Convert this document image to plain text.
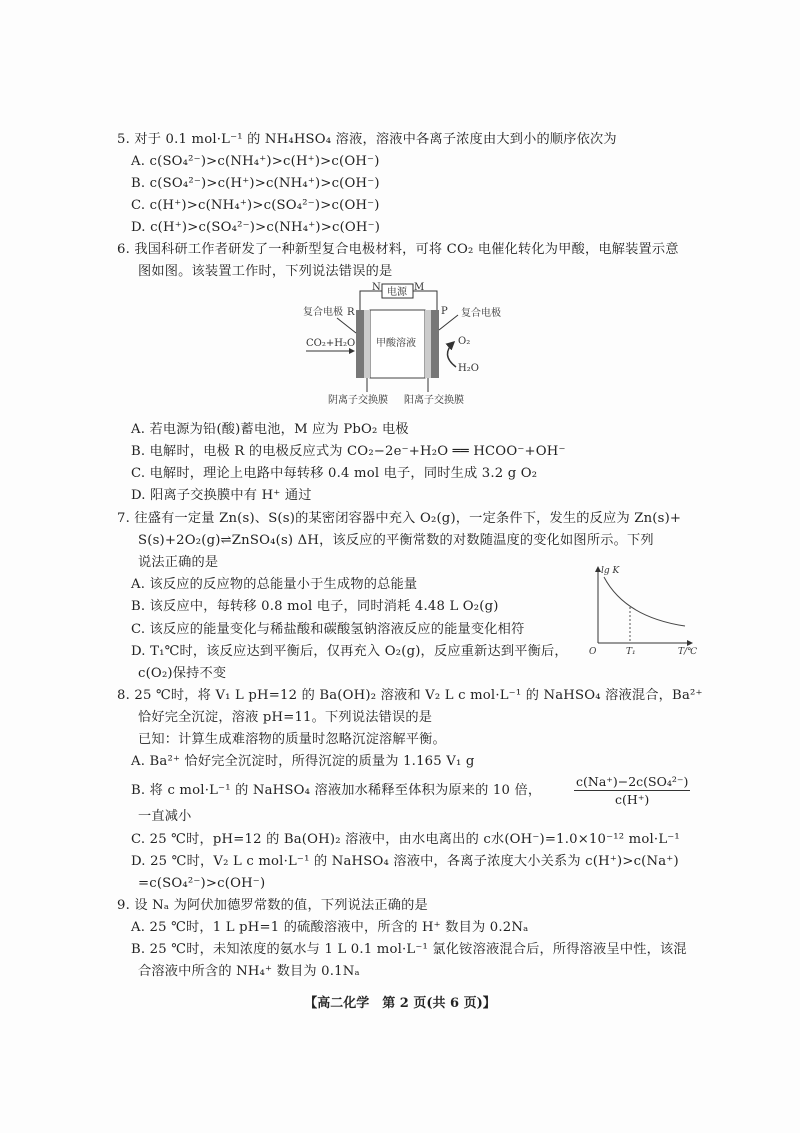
5. 对于 0.1 mol·L⁻¹ 的 NH₄HSO₄ 溶液，溶液中各离子浓度由大到小的顺序依次为
A. c(SO₄²⁻)>c(NH₄⁺)>c(H⁺)>c(OH⁻)
B. c(SO₄²⁻)>c(H⁺)>c(NH₄⁺)>c(OH⁻)
C. c(H⁺)>c(NH₄⁺)>c(SO₄²⁻)>c(OH⁻)
D. c(H⁺)>c(SO₄²⁻)>c(NH₄⁺)>c(OH⁻)
6. 我国科研工作者研发了一种新型复合电极材料，可将 CO₂ 电催化转化为甲酸，电解装置示意
图如图。该装置工作时，下列说法错误的是
电源
N	M
复合电极 R	P 复合电极
CO₂+H₂O 甲酸溶液	O₂
H₂O
阴离子交换膜 阳离子交换膜
A. 若电源为铅(酸)蓄电池，M 应为 PbO₂ 电极
B. 电解时，电极 R 的电极反应式为 CO₂−2e⁻+H₂O ══ HCOO⁻+OH⁻
C. 电解时，理论上电路中每转移 0.4 mol 电子，同时生成 3.2 g O₂
D. 阳离子交换膜中有 H⁺ 通过
7. 往盛有一定量 Zn(s)、S(s)的某密闭容器中充入 O₂(g)，一定条件下，发生的反应为 Zn(s)+
S(s)+2O₂(g)⇌ZnSO₄(s) ΔH，该反应的平衡常数的对数随温度的变化如图所示。下列
说法正确的是
A. 该反应的反应物的总能量小于生成物的总能量
B. 该反应中，每转移 0.8 mol 电子，同时消耗 4.48 L O₂(g)
C. 该反应的能量变化与稀盐酸和碳酸氢钠溶液反应的能量变化相符
D. T₁℃时，该反应达到平衡后，仅再充入 O₂(g)，反应重新达到平衡后，
c(O₂)保持不变
lg K
O	T₁	T/℃
8. 25 ℃时，将 V₁ L pH=12 的 Ba(OH)₂ 溶液和 V₂ L c mol·L⁻¹ 的 NaHSO₄ 溶液混合，Ba²⁺
恰好完全沉淀，溶液 pH=11。下列说法错误的是
已知：计算生成难溶物的质量时忽略沉淀溶解平衡。
A. Ba²⁺ 恰好完全沉淀时，所得沉淀的质量为 1.165 V₁ g
B. 将 c mol·L⁻¹ 的 NaHSO₄ 溶液加水稀释至体积为原来的 10 倍，	$\frac{\text{c(Na⁺)−2c(SO₄²⁻)}}{c(H^+)}$
一直减小
C. 25 ℃时，pH=12 的 Ba(OH)₂ 溶液中，由水电离出的 c水(OH⁻)=1.0×10⁻¹² mol·L⁻¹
D. 25 ℃时，V₂ L c mol·L⁻¹ 的 NaHSO₄ 溶液中，各离子浓度大小关系为 c(H⁺)>c(Na⁺)
=c(SO₄²⁻)>c(OH⁻)
9. 设 Nₐ 为阿伏加德罗常数的值，下列说法正确的是
A. 25 ℃时，1 L pH=1 的硫酸溶液中，所含的 H⁺ 数目为 0.2Nₐ
B. 25 ℃时，未知浓度的氨水与 1 L 0.1 mol·L⁻¹ 氯化铵溶液混合后，所得溶液呈中性，该混
合溶液中所含的 NH₄⁺ 数目为 0.1Nₐ
【高二化学　第 2 页(共 6 页)】
